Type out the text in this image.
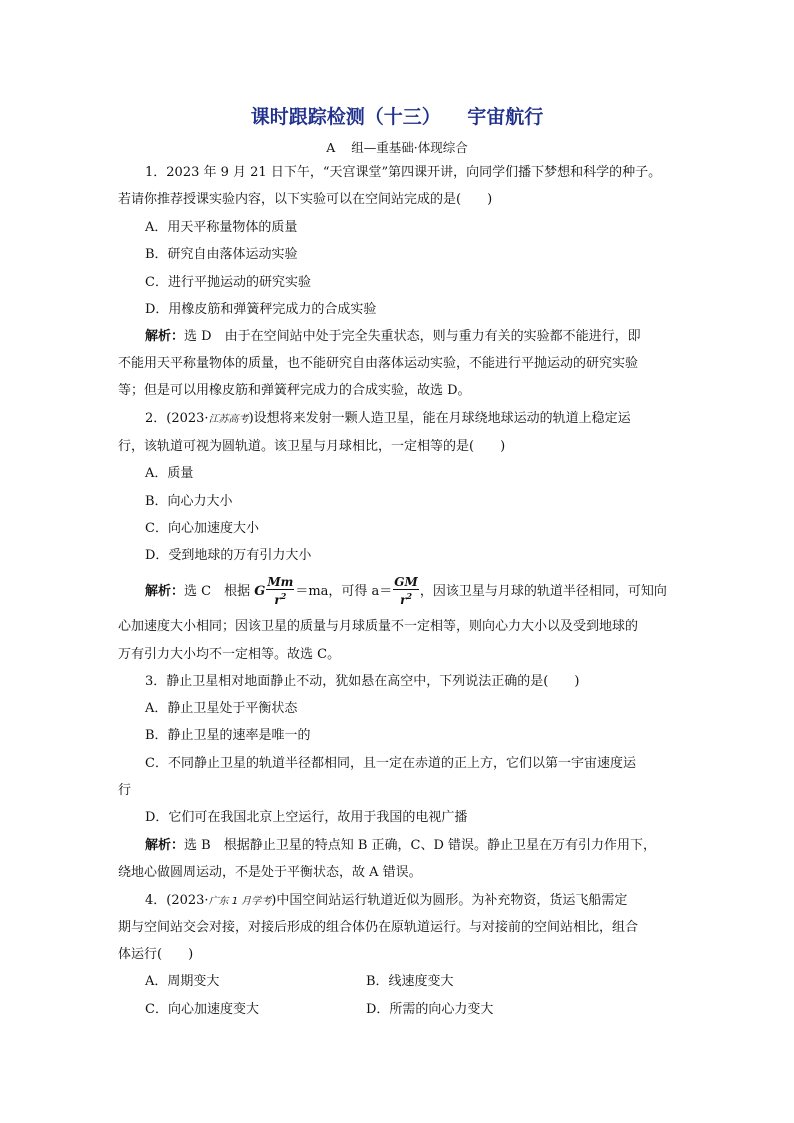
课时跟踪检测（十三）    宇宙航行
A    组—重基础·体现综合
1．2023 年 9 月 21 日下午，“天宫课堂”第四课开讲，向同学们播下梦想和科学的种子。
若请你推荐授课实验内容，以下实验可以在空间站完成的是(　　)
A．用天平称量物体的质量
B．研究自由落体运动实验
C．进行平抛运动的研究实验
D．用橡皮筋和弹簧秤完成力的合成实验
解析：选 D　由于在空间站中处于完全失重状态，则与重力有关的实验都不能进行，即
不能用天平称量物体的质量，也不能研究自由落体运动实验，不能进行平抛运动的研究实验
等；但是可以用橡皮筋和弹簧秤完成力的合成实验，故选 D。
2．(2023·江苏高考)设想将来发射一颗人造卫星，能在月球绕地球运动的轨道上稳定运
行，该轨道可视为圆轨道。该卫星与月球相比，一定相等的是(　　)
A．质量
B．向心力大小
C．向心加速度大小
D．受到地球的万有引力大小
解析：选 C　根据 G $\frac{Mm}{r^2} =ma$，可得 $a= \frac{GM}{r^2}$ ，因该卫星与月球的轨道半径相同，可知向
心加速度大小相同；因该卫星的质量与月球质量不一定相等，则向心力大小以及受到地球的
万有引力大小均不一定相等。故选 C。
3．静止卫星相对地面静止不动，犹如悬在高空中，下列说法正确的是(　　)
A．静止卫星处于平衡状态
B．静止卫星的速率是唯一的
C．不同静止卫星的轨道半径都相同，且一定在赤道的正上方，它们以第一宇宙速度运
行
D．它们可在我国北京上空运行，故用于我国的电视广播
解析：选 B　根据静止卫星的特点知 B 正确，C、D 错误。静止卫星在万有引力作用下，
绕地心做圆周运动，不是处于平衡状态，故 A 错误。
4．(2023·广东 1 月学考)中国空间站运行轨道近似为圆形。为补充物资，货运飞船需定
期与空间站交会对接，对接后形成的组合体仍在原轨道运行。与对接前的空间站相比，组合
体运行(　　)
A．周期变大	B．线速度变大
C．向心加速度变大	D．所需的向心力变大
